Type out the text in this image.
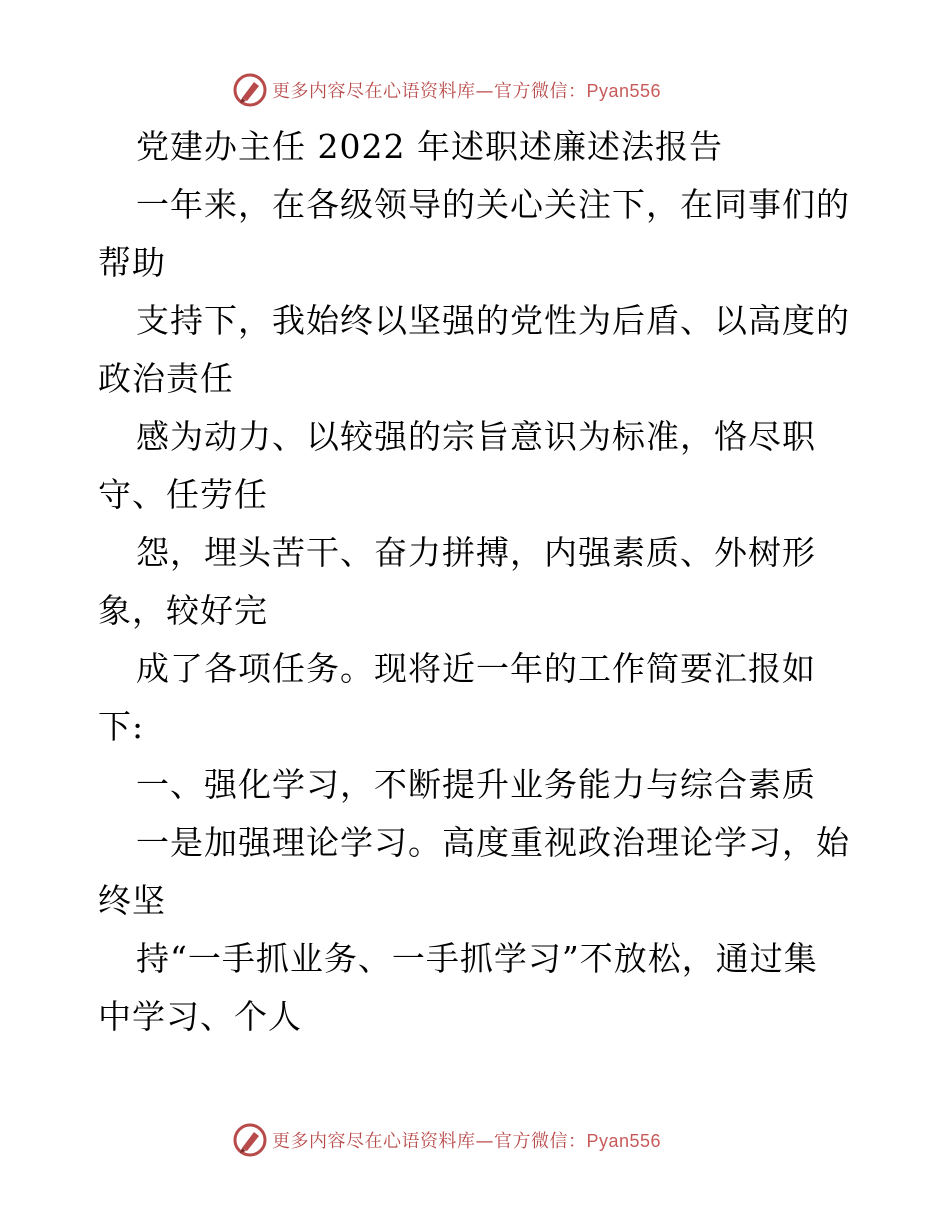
更多内容尽在心语资料库—官方微信：Pyan556
党建办主任 2022 年述职述廉述法报告
一年来，在各级领导的关心关注下，在同事们的
帮助
支持下，我始终以坚强的党性为后盾、以高度的
政治责任
感为动力、以较强的宗旨意识为标准，恪尽职
守、任劳任
怨，埋头苦干、奋力拼搏，内强素质、外树形
象，较好完
成了各项任务。现将近一年的工作简要汇报如
下:
一、强化学习，不断提升业务能力与综合素质
一是加强理论学习。高度重视政治理论学习，始
终坚
持“一手抓业务、一手抓学习”不放松，通过集
中学习、个人
更多内容尽在心语资料库—官方微信：Pyan556
